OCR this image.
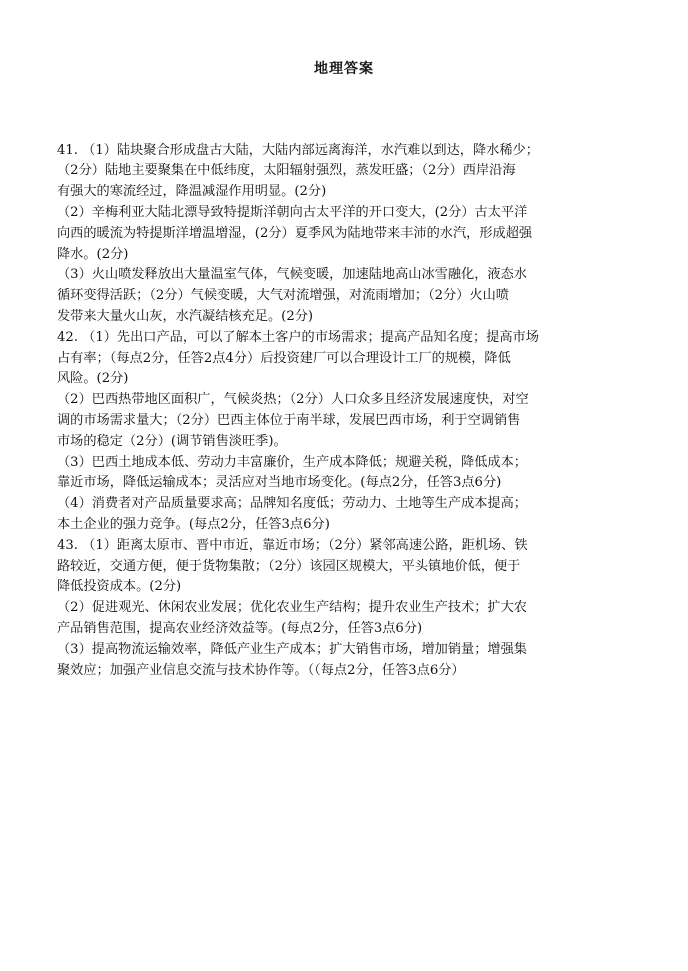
地理答案

41. （1）陆块聚合形成盘古大陆，大陆内部远离海洋，水汽难以到达，降水稀少；
（2分）陆地主要聚集在中低纬度，太阳辐射强烈，蒸发旺盛；（2分）西岸沿海
有强大的寒流经过，降温减湿作用明显。(2分)
（2）辛梅利亚大陆北漂导致特提斯洋朝向古太平洋的开口变大，(2分）古太平洋
向西的暖流为特提斯洋增温增湿，(2分）夏季风为陆地带来丰沛的水汽，形成超强
降水。(2分)
（3）火山喷发释放出大量温室气体，气候变暖，加速陆地高山冰雪融化，液态水
循环变得活跃；（2分）气候变暖，大气对流增强，对流雨增加；（2分）火山喷
发带来大量火山灰，水汽凝结核充足。(2分)
42. （1）先出口产品，可以了解本土客户的市场需求；提高产品知名度；提高市场
占有率；（每点2分，任答2点4分）后投资建厂可以合理设计工厂的规模，降低
风险。(2分)
（2）巴西热带地区面积广，气候炎热；（2分）人口众多且经济发展速度快，对空
调的市场需求量大；（2分）巴西主体位于南半球，发展巴西市场，利于空调销售
市场的稳定（2分）(调节销售淡旺季)。
（3）巴西土地成本低、劳动力丰富廉价，生产成本降低；规避关税，降低成本；
靠近市场，降低运输成本；灵活应对当地市场变化。(每点2分，任答3点6分)
（4）消费者对产品质量要求高；品牌知名度低；劳动力、土地等生产成本提高；
本土企业的强力竞争。(每点2分，任答3点6分)
43. （1）距离太原市、晋中市近，靠近市场；（2分）紧邻高速公路，距机场、铁
路较近，交通方便，便于货物集散；（2分）该园区规模大，平头镇地价低，便于
降低投资成本。(2分)
（2）促进观光、休闲农业发展；优化农业生产结构；提升农业生产技术；扩大农
产品销售范围，提高农业经济效益等。(每点2分，任答3点6分)
（3）提高物流运输效率，降低产业生产成本；扩大销售市场，增加销量；增强集
聚效应；加强产业信息交流与技术协作等。（（每点2分，任答3点6分）
